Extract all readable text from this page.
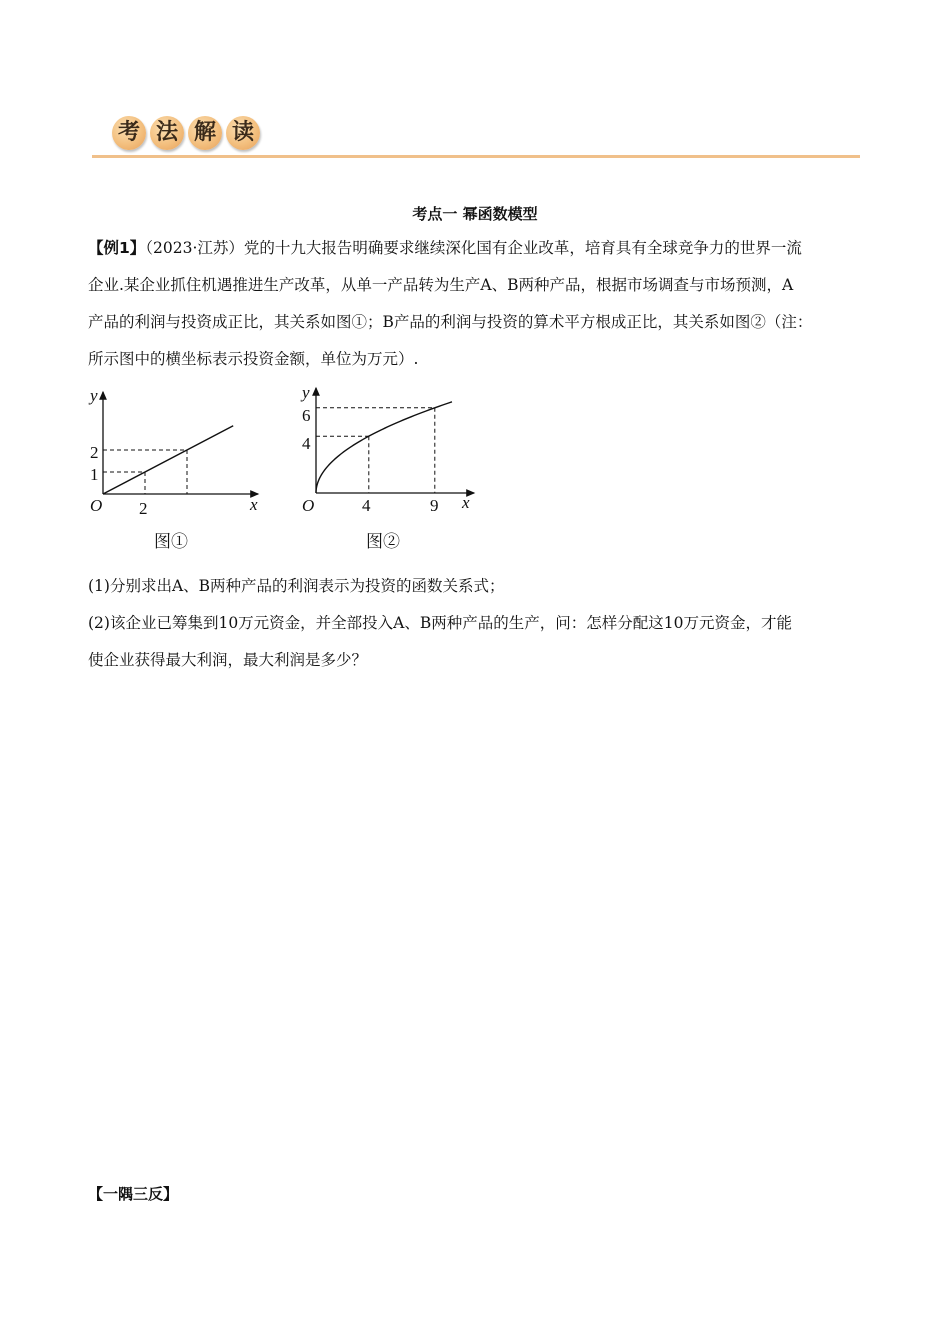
考 法 解 读
考点一 幂函数模型
【例1】（2023·江苏）党的十九大报告明确要求继续深化国有企业改革，培育具有全球竞争力的世界一流
企业.某企业抓住机遇推进生产改革，从单一产品转为生产A、B两种产品，根据市场调查与市场预测，A
产品的利润与投资成正比，其关系如图①；B产品的利润与投资的算术平方根成正比，其关系如图②（注：
所示图中的横坐标表示投资金额，单位为万元）.
y
x
O 2
1
2
图①
y
x
O	4	9
4
6
图②
(1)分别求出A、B两种产品的利润表示为投资的函数关系式；
(2)该企业已筹集到10万元资金，并全部投入A、B两种产品的生产，问：怎样分配这10万元资金，才能
使企业获得最大利润，最大利润是多少？
【一隅三反】
